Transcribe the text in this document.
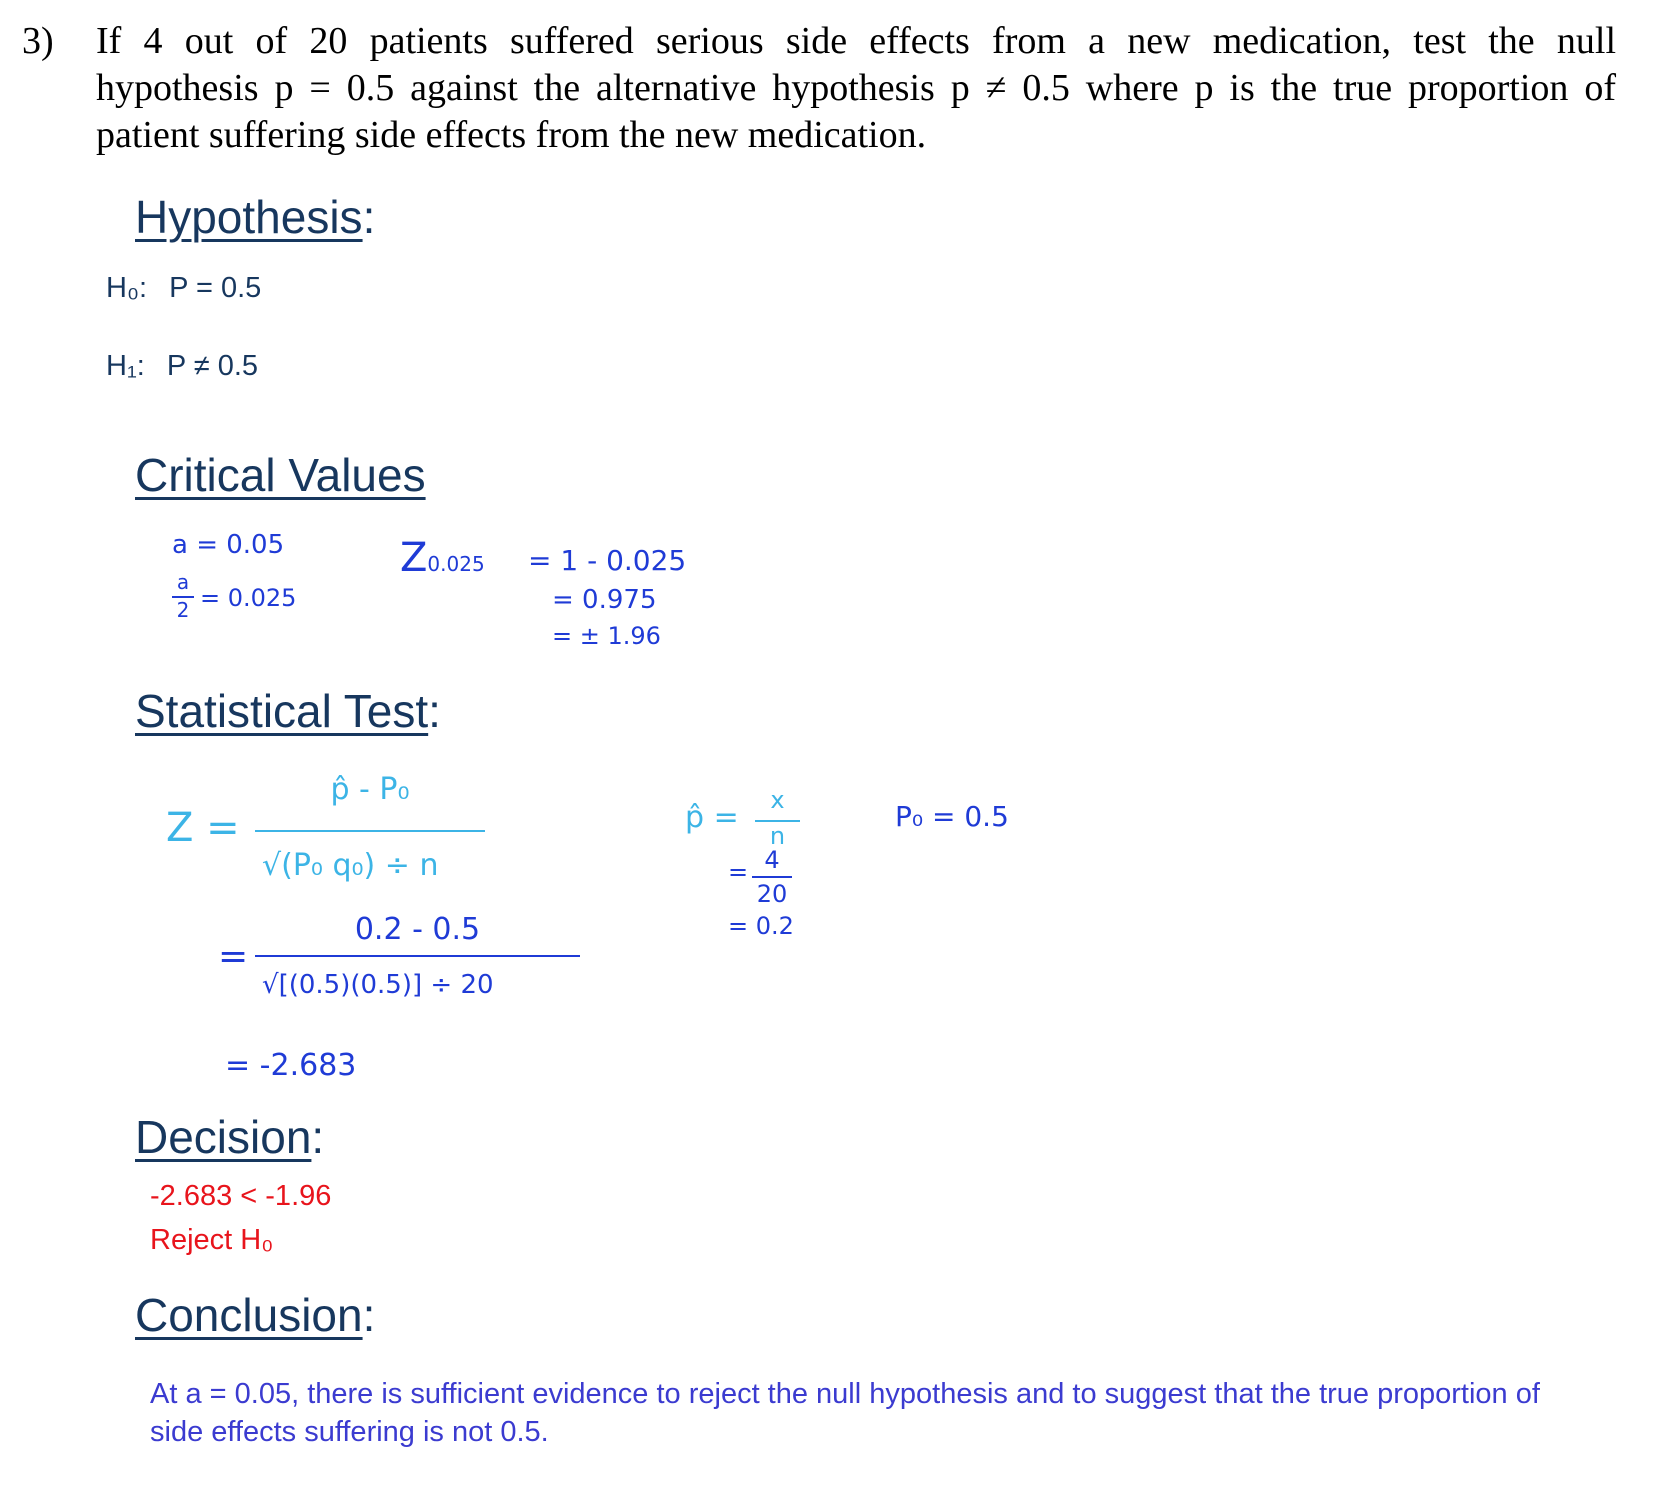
3) If 4 out of 20 patients suffered serious side effects from a new medication, test the null
hypothesis p = 0.5 against the alternative hypothesis p ≠ 0.5 where p is the true proportion of
patient suffering side effects from the new medication.
Hypothesis:
H₀: P = 0.5
H₁: P ≠ 0.5
Critical Values
a = 0.05
a
2 = 0.025
Z0.025 = 1 - 0.025
= 0.975
= ± 1.96
Statistical Test:
Z =
p̂ - P₀
√(P₀ q₀) ÷ n
=
0.2 - 0.5
√[(0.5)(0.5)] ÷ 20
= -2.683
p̂ =	x
n
= 4
20
= 0.2
P₀ = 0.5
Decision:
-2.683 < -1.96
Reject H₀
Conclusion:
At a = 0.05, there is sufficient evidence to reject the null hypothesis and to suggest that the true proportion of side effects suffering is not 0.5.
